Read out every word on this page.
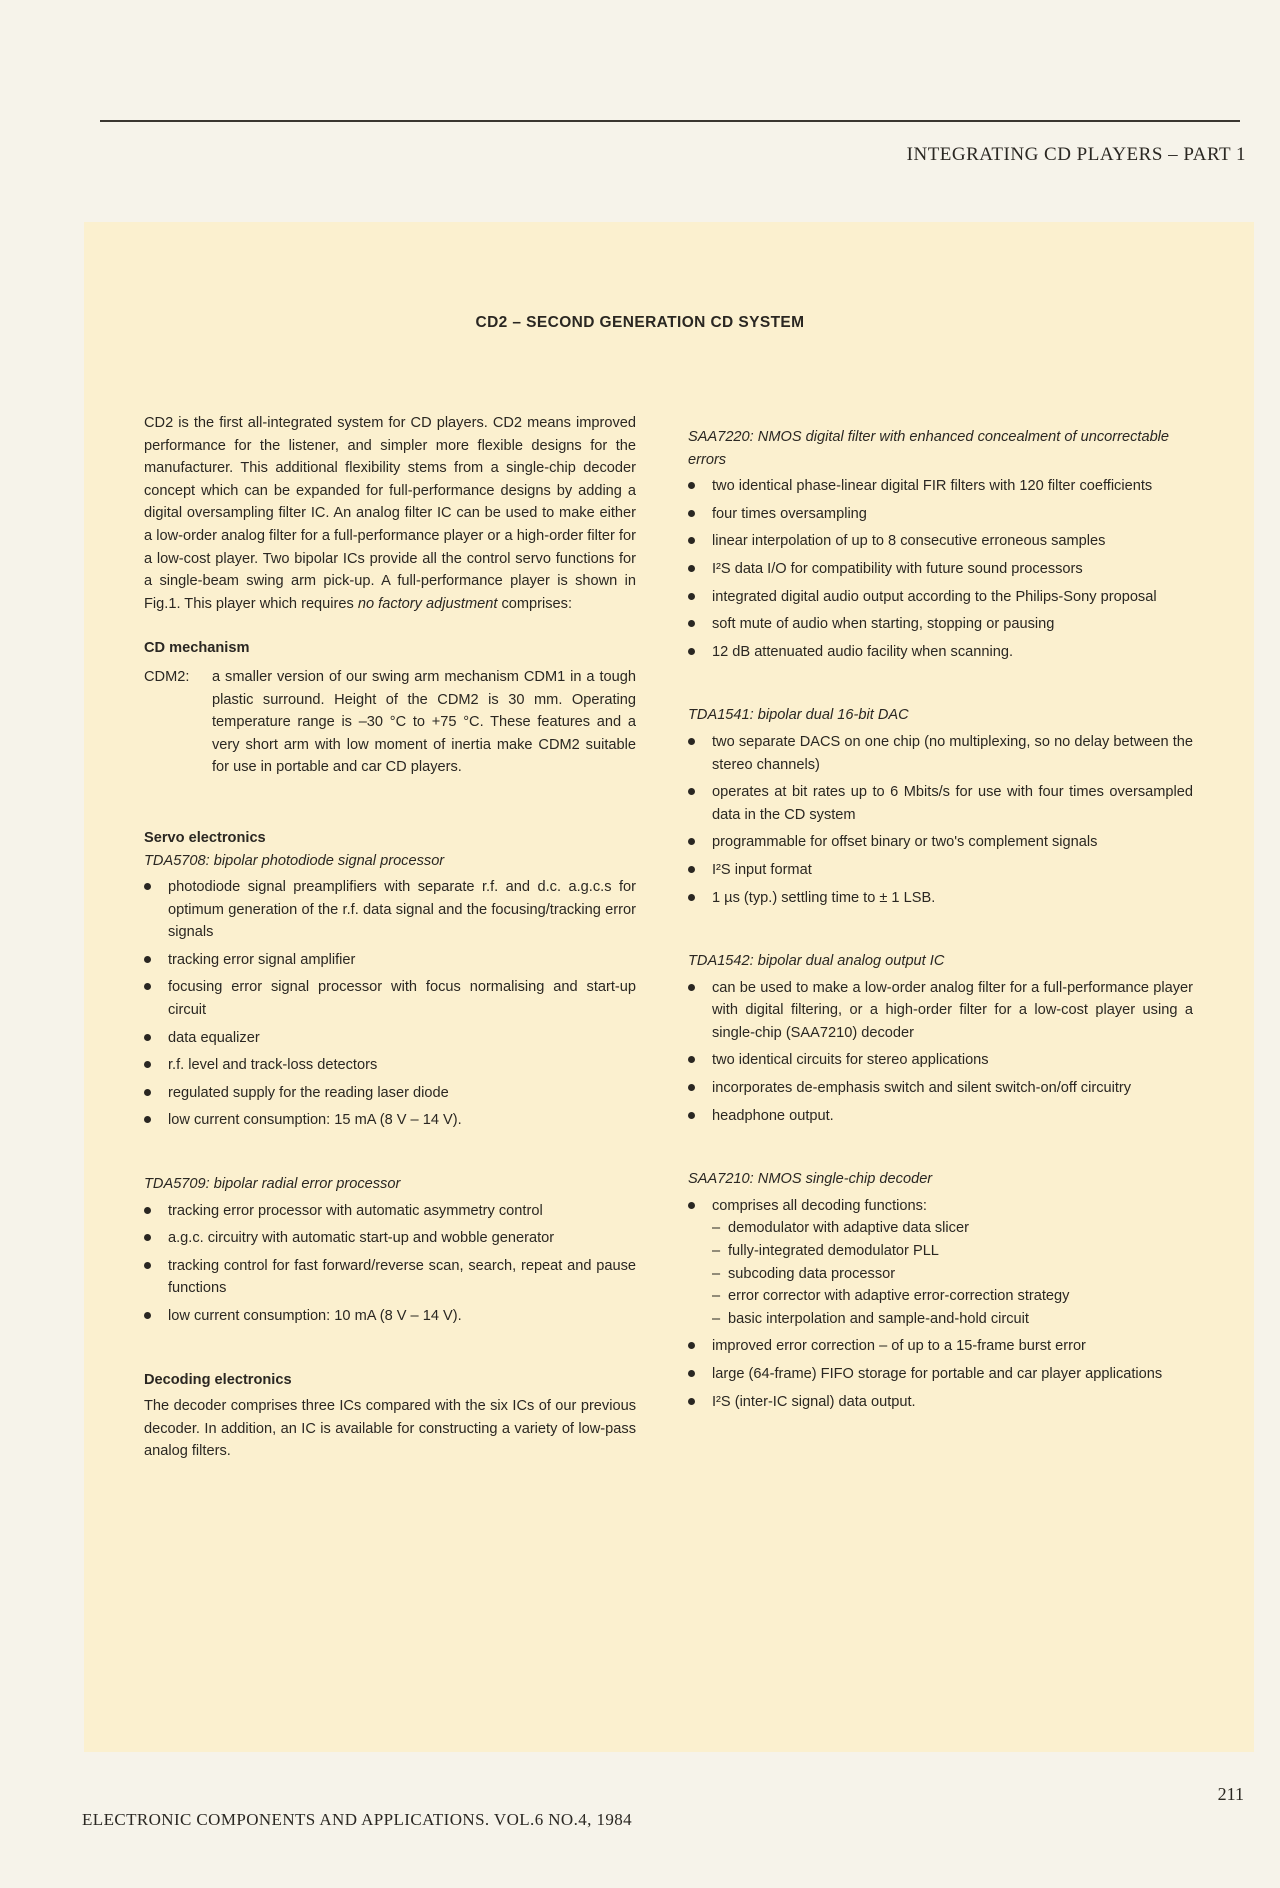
INTEGRATING CD PLAYERS – PART 1
CD2 – SECOND GENERATION CD SYSTEM

CD2 is the first all-integrated system for CD players. CD2 means improved performance for the listener, and simpler more flexible designs for the manufacturer. This additional flexibility stems from a single-chip decoder concept which can be expanded for full-performance designs by adding a digital oversampling filter IC. An analog filter IC can be used to make either a low-order analog filter for a full-performance player or a high-order filter for a low-cost player. Two bipolar ICs provide all the control servo functions for a single-beam swing arm pick-up. A full-performance player is shown in Fig.1. This player which requires no factory adjustment comprises:

CD mechanism

CDM2:	a smaller version of our swing arm mechanism CDM1 in a tough plastic surround. Height of the CDM2 is 30 mm. Operating temperature range is –30 °C to +75 °C. These features and a very short arm with low moment of inertia make CDM2 suitable for use in portable and car CD players.

Servo electronics

TDA5708: bipolar photodiode signal processor

photodiode signal preamplifiers with separate r.f. and d.c. a.g.c.s for optimum generation of the r.f. data signal and the focusing/tracking error signals
tracking error signal amplifier
focusing error signal processor with focus normalising and start-up circuit
data equalizer
r.f. level and track-loss detectors
regulated supply for the reading laser diode
low current consumption: 15 mA (8 V – 14 V).

TDA5709: bipolar radial error processor

tracking error processor with automatic asymmetry control
a.g.c. circuitry with automatic start-up and wobble generator
tracking control for fast forward/reverse scan, search, repeat and pause functions
low current consumption: 10 mA (8 V – 14 V).

Decoding electronics

The decoder comprises three ICs compared with the six ICs of our previous decoder. In addition, an IC is available for constructing a variety of low-pass analog filters.

SAA7220: NMOS digital filter with enhanced concealment of uncorrectable errors

two identical phase-linear digital FIR filters with 120 filter coefficients
four times oversampling
linear interpolation of up to 8 consecutive erroneous samples
I²S data I/O for compatibility with future sound processors
integrated digital audio output according to the Philips-Sony proposal
soft mute of audio when starting, stopping or pausing
12 dB attenuated audio facility when scanning.

TDA1541: bipolar dual 16-bit DAC

two separate DACS on one chip (no multiplexing, so no delay between the stereo channels)
operates at bit rates up to 6 Mbits/s for use with four times oversampled data in the CD system
programmable for offset binary or two's complement signals
I²S input format
1 µs (typ.) settling time to ± 1 LSB.

TDA1542: bipolar dual analog output IC

can be used to make a low-order analog filter for a full-performance player with digital filtering, or a high-order filter for a low-cost player using a single-chip (SAA7210) decoder
two identical circuits for stereo applications
incorporates de-emphasis switch and silent switch-on/off circuitry
headphone output.

SAA7210: NMOS single-chip decoder

comprises all decoding functions:
– demodulator with adaptive data slicer
– fully-integrated demodulator PLL
– subcoding data processor
– error corrector with adaptive error-correction strategy
– basic interpolation and sample-and-hold circuit
improved error correction – of up to a 15-frame burst error
large (64-frame) FIFO storage for portable and car player applications
I²S (inter-IC signal) data output.
211
ELECTRONIC COMPONENTS AND APPLICATIONS. VOL.6 NO.4, 1984
